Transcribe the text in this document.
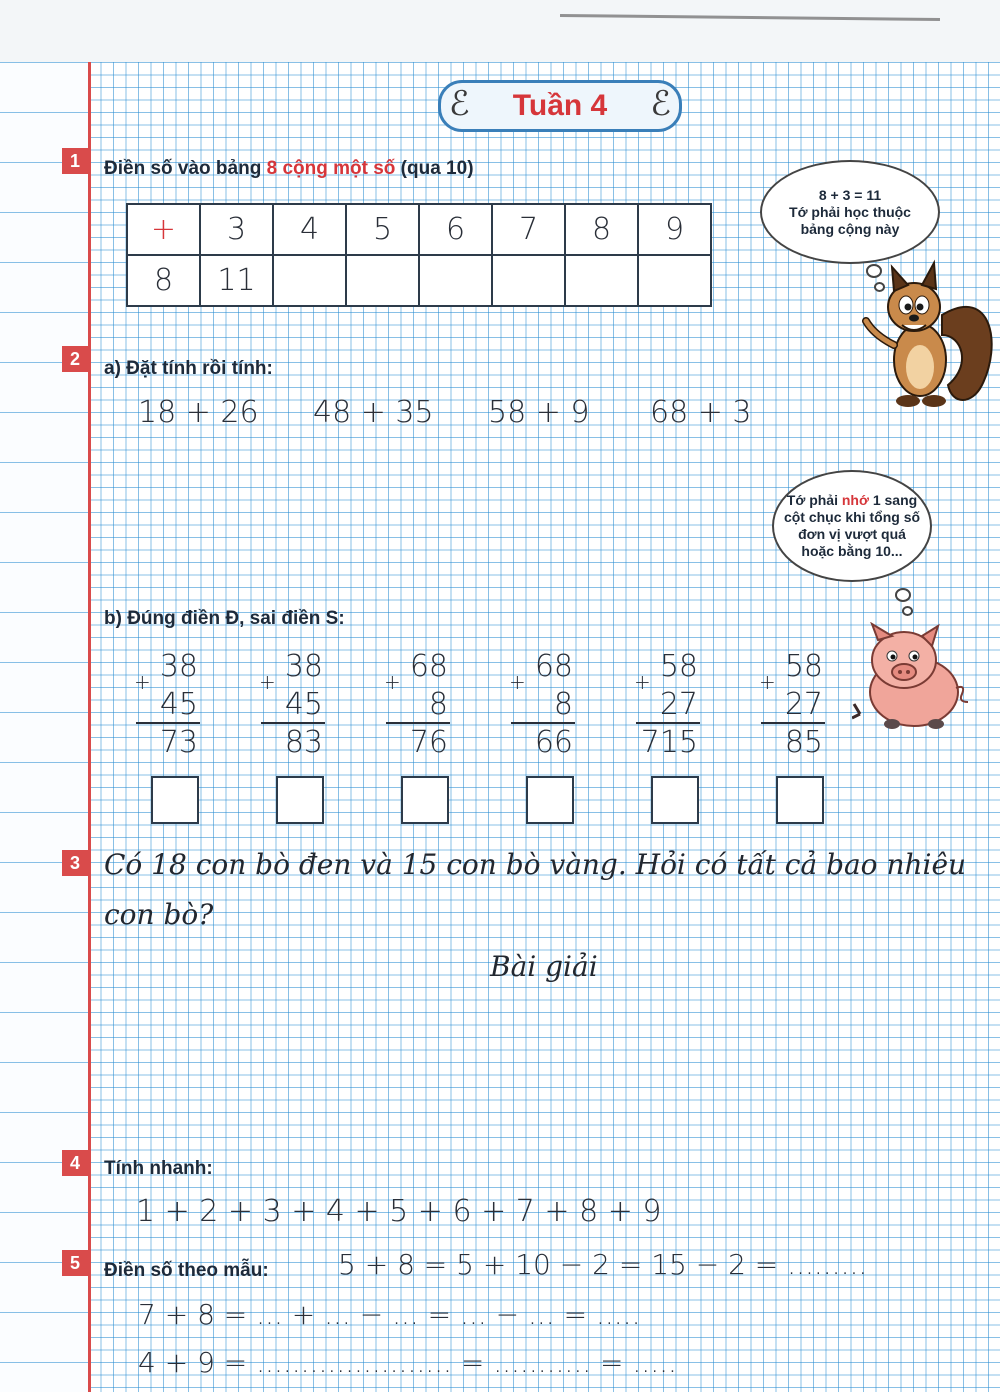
ℰ Tuần 4 ℰ
1	Điền số vào bảng 8 cộng một số (qua 10)
+	3	4	5	6	7	8	9
8	11						
8 + 3 = 11
Tớ phải học thuộc
bảng cộng này
2	a) Đặt tính rồi tính:
18 + 26 48 + 35 58 + 9 68 + 3
Tớ phải nhớ 1 sang cột chục khi tổng số đơn vị vượt quá hoặc bằng 10...
b) Đúng điền Đ, sai điền S:
38
45
73
+	38
45
83
+	68
8
76
+	68
8
66
+	58
27
715
+	58
27
85
+
3 Có 18 con bò đen và 15 con bò vàng. Hỏi có tất cả bao nhiêu
con bò?
Bài giải
4	Tính nhanh:
1 + 2 + 3 + 4 + 5 + 6 + 7 + 8 + 9
5	Điền số theo mẫu: 5 + 8 = 5 + 10 − 2 = 15 − 2 = .........
7 + 8 = ... + ... − ... = ... − ... = .....
4 + 9 = ...................... = ........... = .....
